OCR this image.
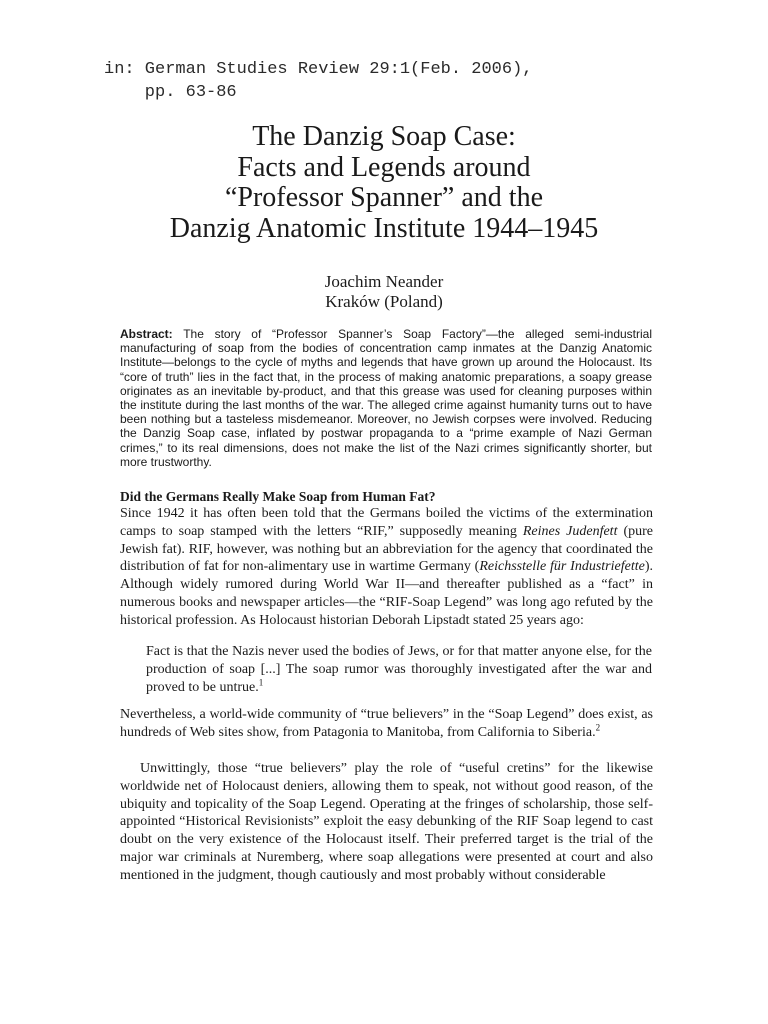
in: German Studies Review 29:1(Feb. 2006),
pp. 63-86
The Danzig Soap Case:
Facts and Legends around
“Professor Spanner” and the
Danzig Anatomic Institute 1944–1945
Joachim Neander
Kraków (Poland)
Abstract: The story of “Professor Spanner’s Soap Factory”—the alleged semi-industrial manufacturing of soap from the bodies of concentration camp inmates at the Danzig Anatomic Institute—belongs to the cycle of myths and legends that have grown up around the Holocaust. Its “core of truth” lies in the fact that, in the process of making anatomic preparations, a soapy grease originates as an inevitable by-product, and that this grease was used for cleaning purposes within the institute during the last months of the war. The alleged crime against humanity turns out to have been nothing but a tasteless misdemeanor. Moreover, no Jewish corpses were involved. Reducing the Danzig Soap case, inflated by postwar propaganda to a “prime example of Nazi German crimes,” to its real dimensions, does not make the list of the Nazi crimes significantly shorter, but more trustworthy.
Did the Germans Really Make Soap from Human Fat?
Since 1942 it has often been told that the Germans boiled the victims of the extermination camps to soap stamped with the letters “RIF,” supposedly meaning Reines Judenfett (pure Jewish fat). RIF, however, was nothing but an abbreviation for the agency that coordinated the distribution of fat for non-alimentary use in wartime Germany (Reichsstelle für Industriefette). Although widely rumored during World War II—and thereafter published as a “fact” in numerous books and newspaper articles—the “RIF-Soap Legend” was long ago refuted by the historical profession. As Holocaust historian Deborah Lipstadt stated 25 years ago:
Fact is that the Nazis never used the bodies of Jews, or for that matter anyone else, for the production of soap [...] The soap rumor was thoroughly investigated after the war and proved to be untrue.$^1$
Nevertheless, a world-wide community of “true believers” in the “Soap Legend” does exist, as hundreds of Web sites show, from Patagonia to Manitoba, from California to Siberia.$^2$
Unwittingly, those “true believers” play the role of “useful cretins” for the likewise worldwide net of Holocaust deniers, allowing them to speak, not without good reason, of the ubiquity and topicality of the Soap Legend. Operating at the fringes of scholarship, those self-appointed “Historical Revisionists” exploit the easy debunking of the RIF Soap legend to cast doubt on the very existence of the Holocaust itself. Their preferred target is the trial of the major war criminals at Nuremberg, where soap allegations were presented at court and also mentioned in the judgment, though cautiously and most probably without considerable
